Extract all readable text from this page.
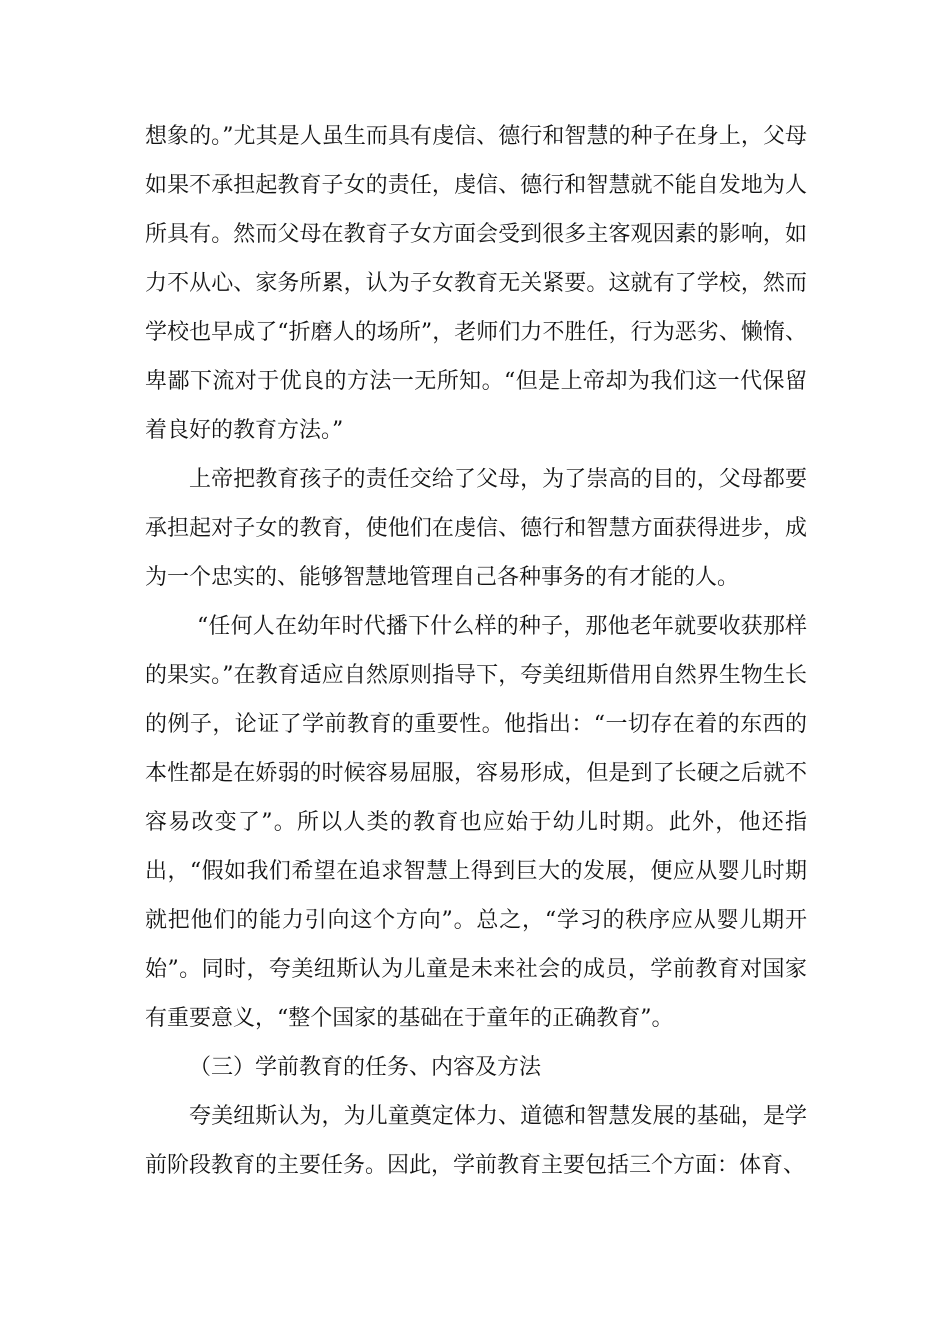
想象的。”尤其是人虽生而具有虔信、德行和智慧的种子在身上，父母如果不承担起教育子女的责任，虔信、德行和智慧就不能自发地为人所具有。然而父母在教育子女方面会受到很多主客观因素的影响，如力不从心、家务所累，认为子女教育无关紧要。这就有了学校，然而学校也早成了“折磨人的场所”，老师们力不胜任，行为恶劣、懒惰、卑鄙下流对于优良的方法一无所知。“但是上帝却为我们这一代保留着良好的教育方法。”

上帝把教育孩子的责任交给了父母，为了崇高的目的，父母都要承担起对子女的教育，使他们在虔信、德行和智慧方面获得进步，成为一个忠实的、能够智慧地管理自己各种事务的有才能的人。

“任何人在幼年时代播下什么样的种子，那他老年就要收获那样的果实。”在教育适应自然原则指导下，夸美纽斯借用自然界生物生长的例子，论证了学前教育的重要性。他指出：“一切存在着的东西的本性都是在娇弱的时候容易屈服，容易形成，但是到了长硬之后就不容易改变了”。所以人类的教育也应始于幼儿时期。此外，他还指出，“假如我们希望在追求智慧上得到巨大的发展，便应从婴儿时期就把他们的能力引向这个方向”。总之，“学习的秩序应从婴儿期开始”。同时，夸美纽斯认为儿童是未来社会的成员，学前教育对国家有重要意义，“整个国家的基础在于童年的正确教育”。

（三）学前教育的任务、内容及方法

夸美纽斯认为，为儿童奠定体力、道德和智慧发展的基础，是学前阶段教育的主要任务。因此，学前教育主要包括三个方面：体育、
